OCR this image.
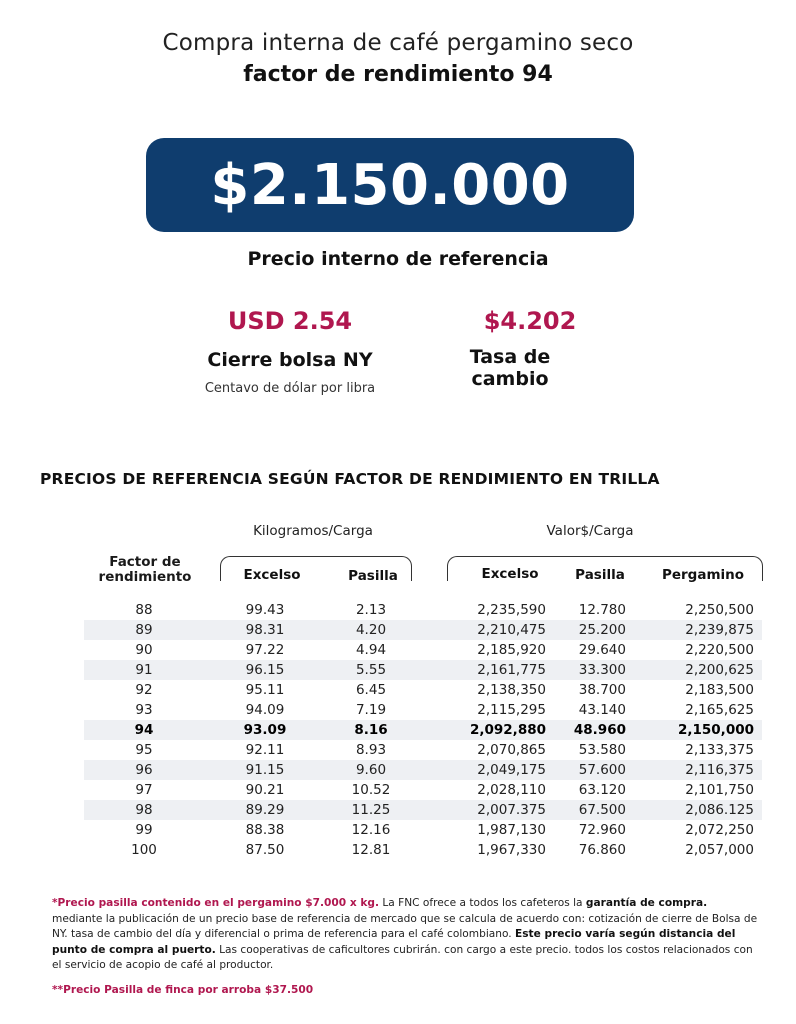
Compra interna de café pergamino seco
factor de rendimiento 94
$2.150.000
Precio interno de referencia
USD 2.54
Cierre bolsa NY
Centavo de dólar por libra
$4.202
Tasa de
cambio
PRECIOS DE REFERENCIA SEGÚN FACTOR DE RENDIMIENTO EN TRILLA
Kilogramos/Carga	Valor$/Carga
Factor de
rendimiento	Excelso	Pasilla	Excelso	Pasilla	Pergamino
88	99.43	2.13	2,235,590	12.780	2,250,500
89	98.31	4.20	2,210,475	25.200	2,239,875
90	97.22	4.94	2,185,920	29.640	2,220,500
91	96.15	5.55	2,161,775	33.300	2,200,625
92	95.11	6.45	2,138,350	38.700	2,183,500
93	94.09	7.19	2,115,295	43.140	2,165,625
94	93.09	8.16	2,092,880	48.960	2,150,000
95	92.11	8.93	2,070,865	53.580	2,133,375
96	91.15	9.60	2,049,175	57.600	2,116,375
97	90.21	10.52	2,028,110	63.120	2,101,750
98	89.29	11.25	2,007.375	67.500	2,086.125
99	88.38	12.16	1,987,130	72.960	2,072,250
100	87.50	12.81	1,967,330	76.860	2,057,000
*Precio pasilla contenido en el pergamino $7.000 x kg. La FNC ofrece a todos los cafeteros la garantía de compra. mediante la publicación de un precio base de referencia de mercado que se calcula de acuerdo con: cotización de cierre de Bolsa de NY. tasa de cambio del día y diferencial o prima de referencia para el café colombiano. Este precio varía según distancia del punto de compra al puerto. Las cooperativas de caficultores cubrirán. con cargo a este precio. todos los costos relacionados con el servicio de acopio de café al productor.
**Precio Pasilla de finca por arroba $37.500
